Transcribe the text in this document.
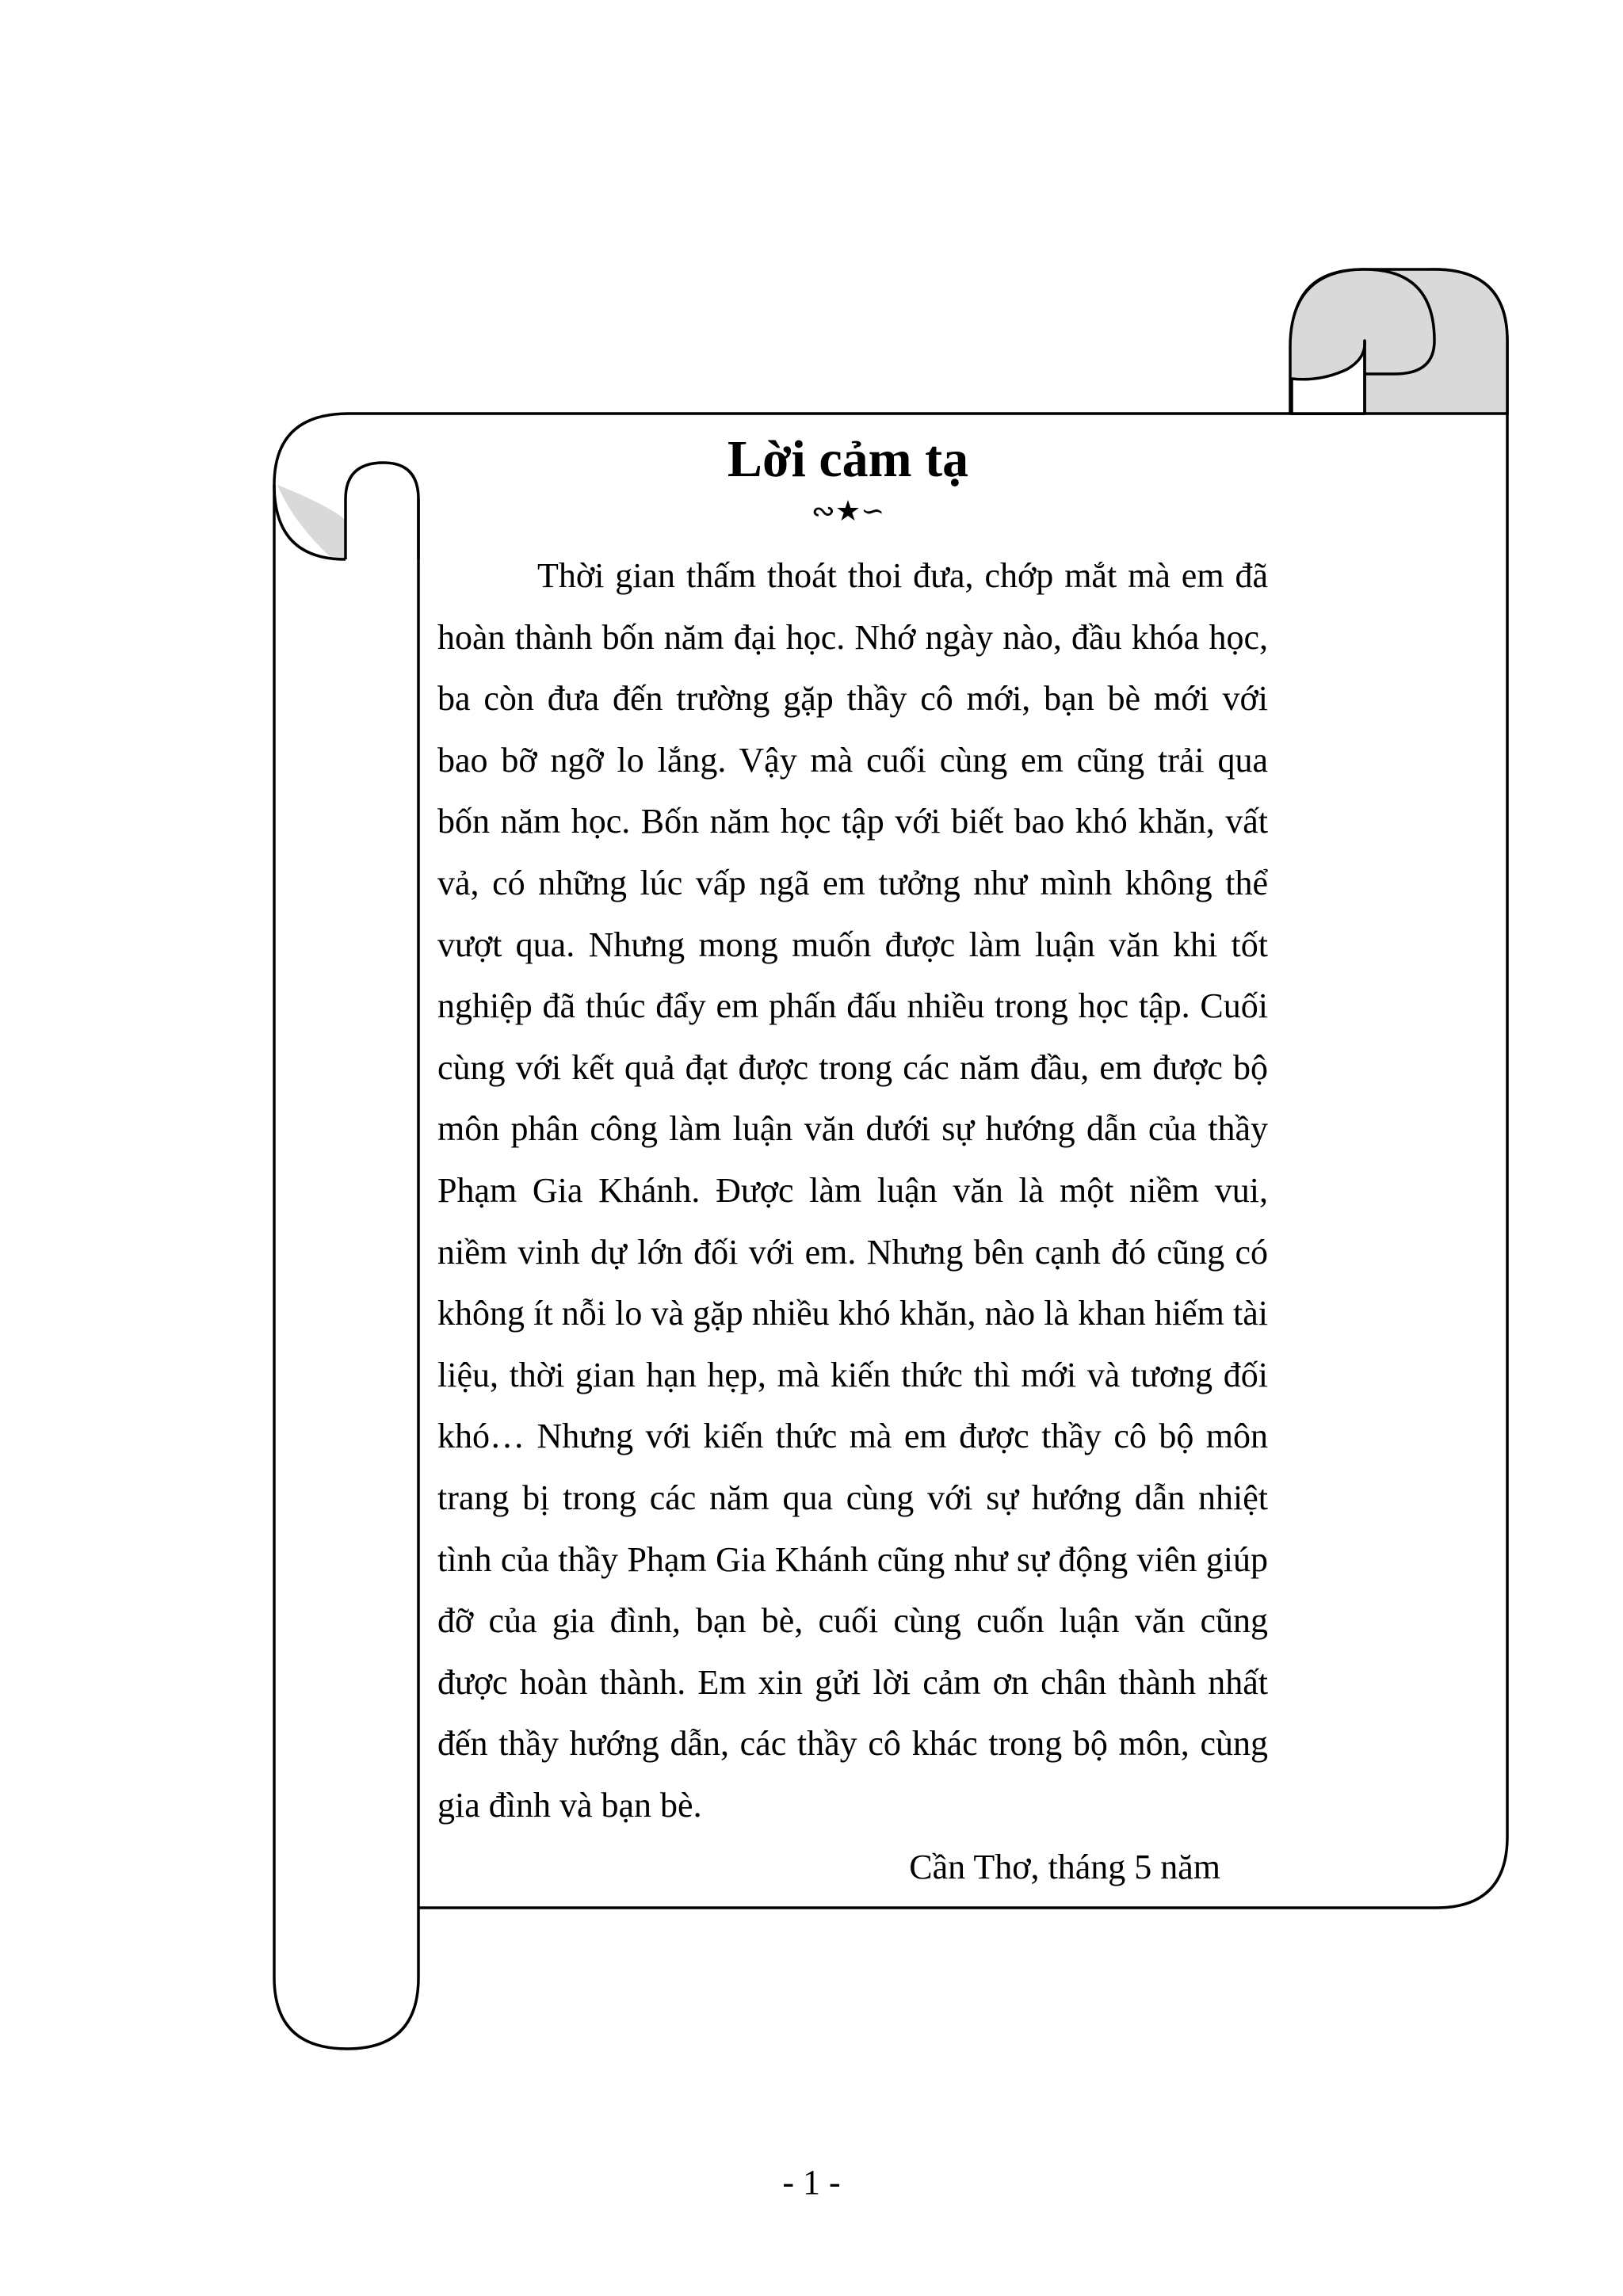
Lời cảm tạ
∾★∽

Thời gian thấm thoát thoi đưa, chớp mắt mà em đã hoàn thành bốn năm đại học. Nhớ ngày nào, đầu khóa học, ba còn đưa đến trường gặp thầy cô mới, bạn bè mới với bao bỡ ngỡ lo lắng. Vậy mà cuối cùng em cũng trải qua bốn năm học. Bốn năm học tập với biết bao khó khăn, vất vả, có những lúc vấp ngã em tưởng như mình không thể vượt qua. Nhưng mong muốn được làm luận văn khi tốt nghiệp đã thúc đẩy em phấn đấu nhiều trong học tập. Cuối cùng với kết quả đạt được trong các năm đầu, em được bộ môn phân công làm luận văn dưới sự hướng dẫn của thầy Phạm Gia Khánh. Được làm luận văn là một niềm vui, niềm vinh dự lớn đối với em. Nhưng bên cạnh đó cũng có không ít nỗi lo và gặp nhiều khó khăn, nào là khan hiếm tài liệu, thời gian hạn hẹp, mà kiến thức thì mới và tương đối khó… Nhưng với kiến thức mà em được thầy cô bộ môn trang bị trong các năm qua cùng với sự hướng dẫn nhiệt tình của thầy Phạm Gia Khánh cũng như sự động viên giúp đỡ của gia đình, bạn bè, cuối cùng cuốn luận văn cũng được hoàn thành. Em xin gửi lời cảm ơn chân thành nhất đến thầy hướng dẫn, các thầy cô khác trong bộ môn, cùng gia đình và bạn bè.

Cần Thơ, tháng 5 năm
- 1 -
